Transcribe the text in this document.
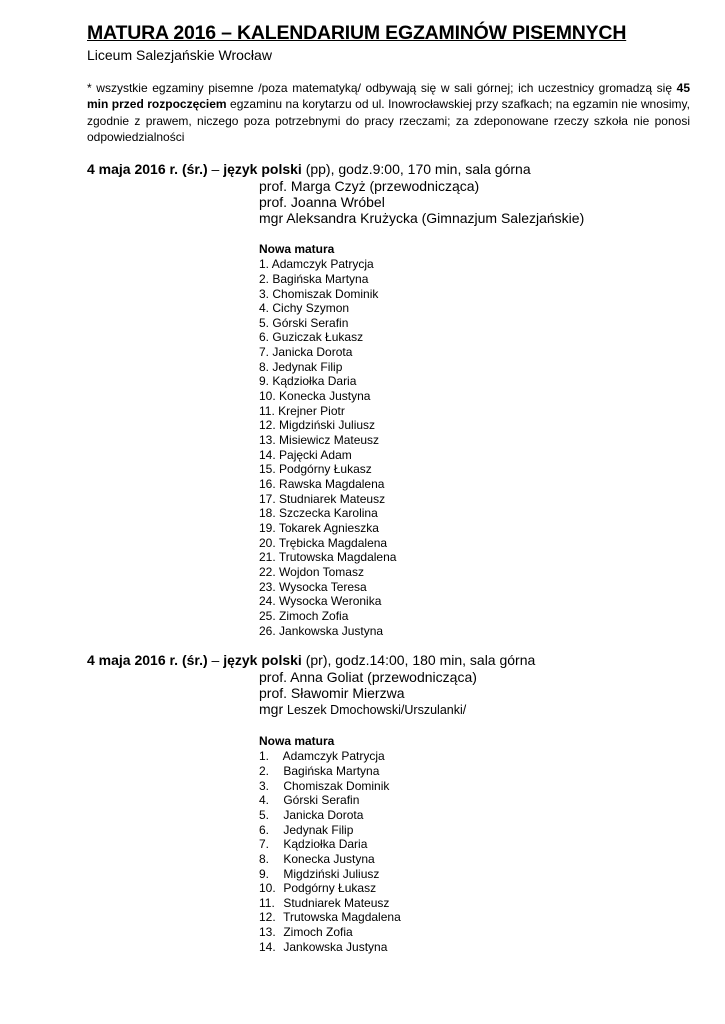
MATURA 2016 – KALENDARIUM EGZAMINÓW PISEMNYCH

Liceum Salezjańskie Wrocław

* wszystkie egzaminy pisemne /poza matematyką/ odbywają się w sali górnej; ich uczestnicy gromadzą się 45 min przed rozpoczęciem egzaminu na korytarzu od ul. Inowrocławskiej przy szafkach; na egzamin nie wnosimy, zgodnie z prawem, niczego poza potrzebnymi do pracy rzeczami; za zdeponowane rzeczy szkoła nie ponosi odpowiedzialności
4 maja 2016 r. (śr.) – język polski (pp), godz.9:00, 170 min, sala górna
prof. Marga Czyż (przewodnicząca)
prof. Joanna Wróbel
mgr Aleksandra Krużycka (Gimnazjum Salezjańskie)
Nowa matura
1. Adamczyk Patrycja
2. Bagińska Martyna
3. Chomiszak Dominik
4. Cichy Szymon
5. Górski Serafin
6. Guziczak Łukasz
7. Janicka Dorota
8. Jedynak Filip
9. Kądziołka Daria
10. Konecka Justyna
11. Krejner Piotr
12. Migdziński Juliusz
13. Misiewicz Mateusz
14. Pajęcki Adam
15. Podgórny Łukasz
16. Rawska Magdalena
17. Studniarek Mateusz
18. Szczecka Karolina
19. Tokarek Agnieszka
20. Trębicka Magdalena
21. Trutowska Magdalena
22. Wojdon Tomasz
23. Wysocka Teresa
24. Wysocka Weronika
25. Zimoch Zofia
26. Jankowska Justyna
4 maja 2016 r. (śr.) – język polski (pr), godz.14:00, 180 min, sala górna
prof. Anna Goliat (przewodnicząca)
prof. Sławomir Mierzwa
mgr Leszek Dmochowski/Urszulanki/
Nowa matura
1. Adamczyk Patrycja
2. Bagińska Martyna
3. Chomiszak Dominik
4. Górski Serafin
5. Janicka Dorota
6. Jedynak Filip
7. Kądziołka Daria
8. Konecka Justyna
9. Migdziński Juliusz
10. Podgórny Łukasz
11. Studniarek Mateusz
12. Trutowska Magdalena
13. Zimoch Zofia
14. Jankowska Justyna
